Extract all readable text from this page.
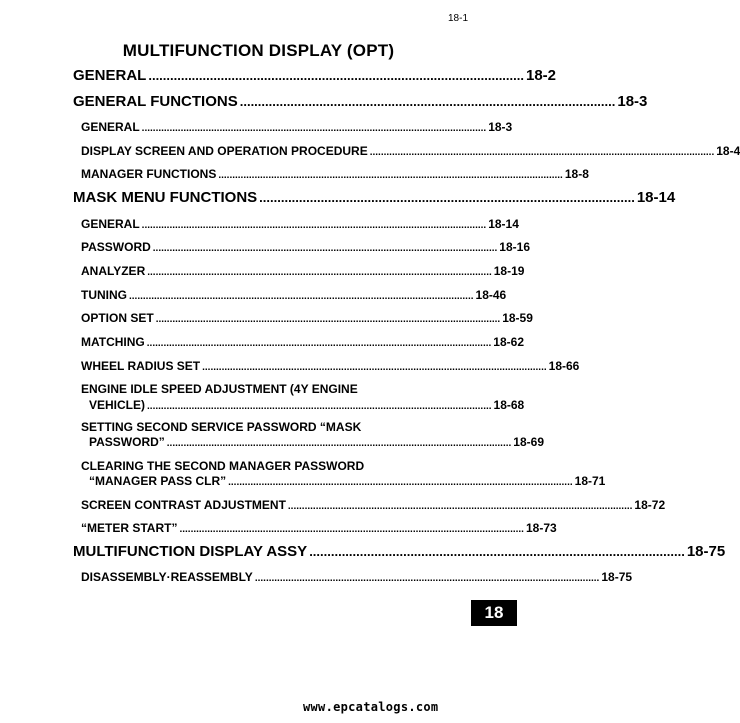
18-1
MULTIFUNCTION DISPLAY (OPT)
GENERAL ........................................................................................................ 18-2
GENERAL FUNCTIONS ........................................................................................................ 18-3
GENERAL ............................................................................................................................ 18-3
DISPLAY SCREEN AND OPERATION PROCEDURE ............................................................................................................................ 18-4
MANAGER FUNCTIONS ............................................................................................................................ 18-8
MASK MENU FUNCTIONS ........................................................................................................ 18-14
GENERAL ............................................................................................................................ 18-14
PASSWORD ............................................................................................................................ 18-16
ANALYZER ............................................................................................................................ 18-19
TUNING ............................................................................................................................ 18-46
OPTION SET ............................................................................................................................ 18-59
MATCHING ............................................................................................................................ 18-62
WHEEL RADIUS SET ............................................................................................................................ 18-66
ENGINE IDLE SPEED ADJUSTMENT (4Y ENGINE
VEHICLE) ............................................................................................................................ 18-68
SETTING SECOND SERVICE PASSWORD “MASK
PASSWORD” ............................................................................................................................ 18-69
CLEARING THE SECOND MANAGER PASSWORD
“MANAGER PASS CLR” ............................................................................................................................ 18-71
SCREEN CONTRAST ADJUSTMENT ............................................................................................................................ 18-72
“METER START” ............................................................................................................................ 18-73
MULTIFUNCTION DISPLAY ASSY ........................................................................................................ 18-75
DISASSEMBLY·REASSEMBLY ............................................................................................................................ 18-75
18
www.epcatalogs.com
